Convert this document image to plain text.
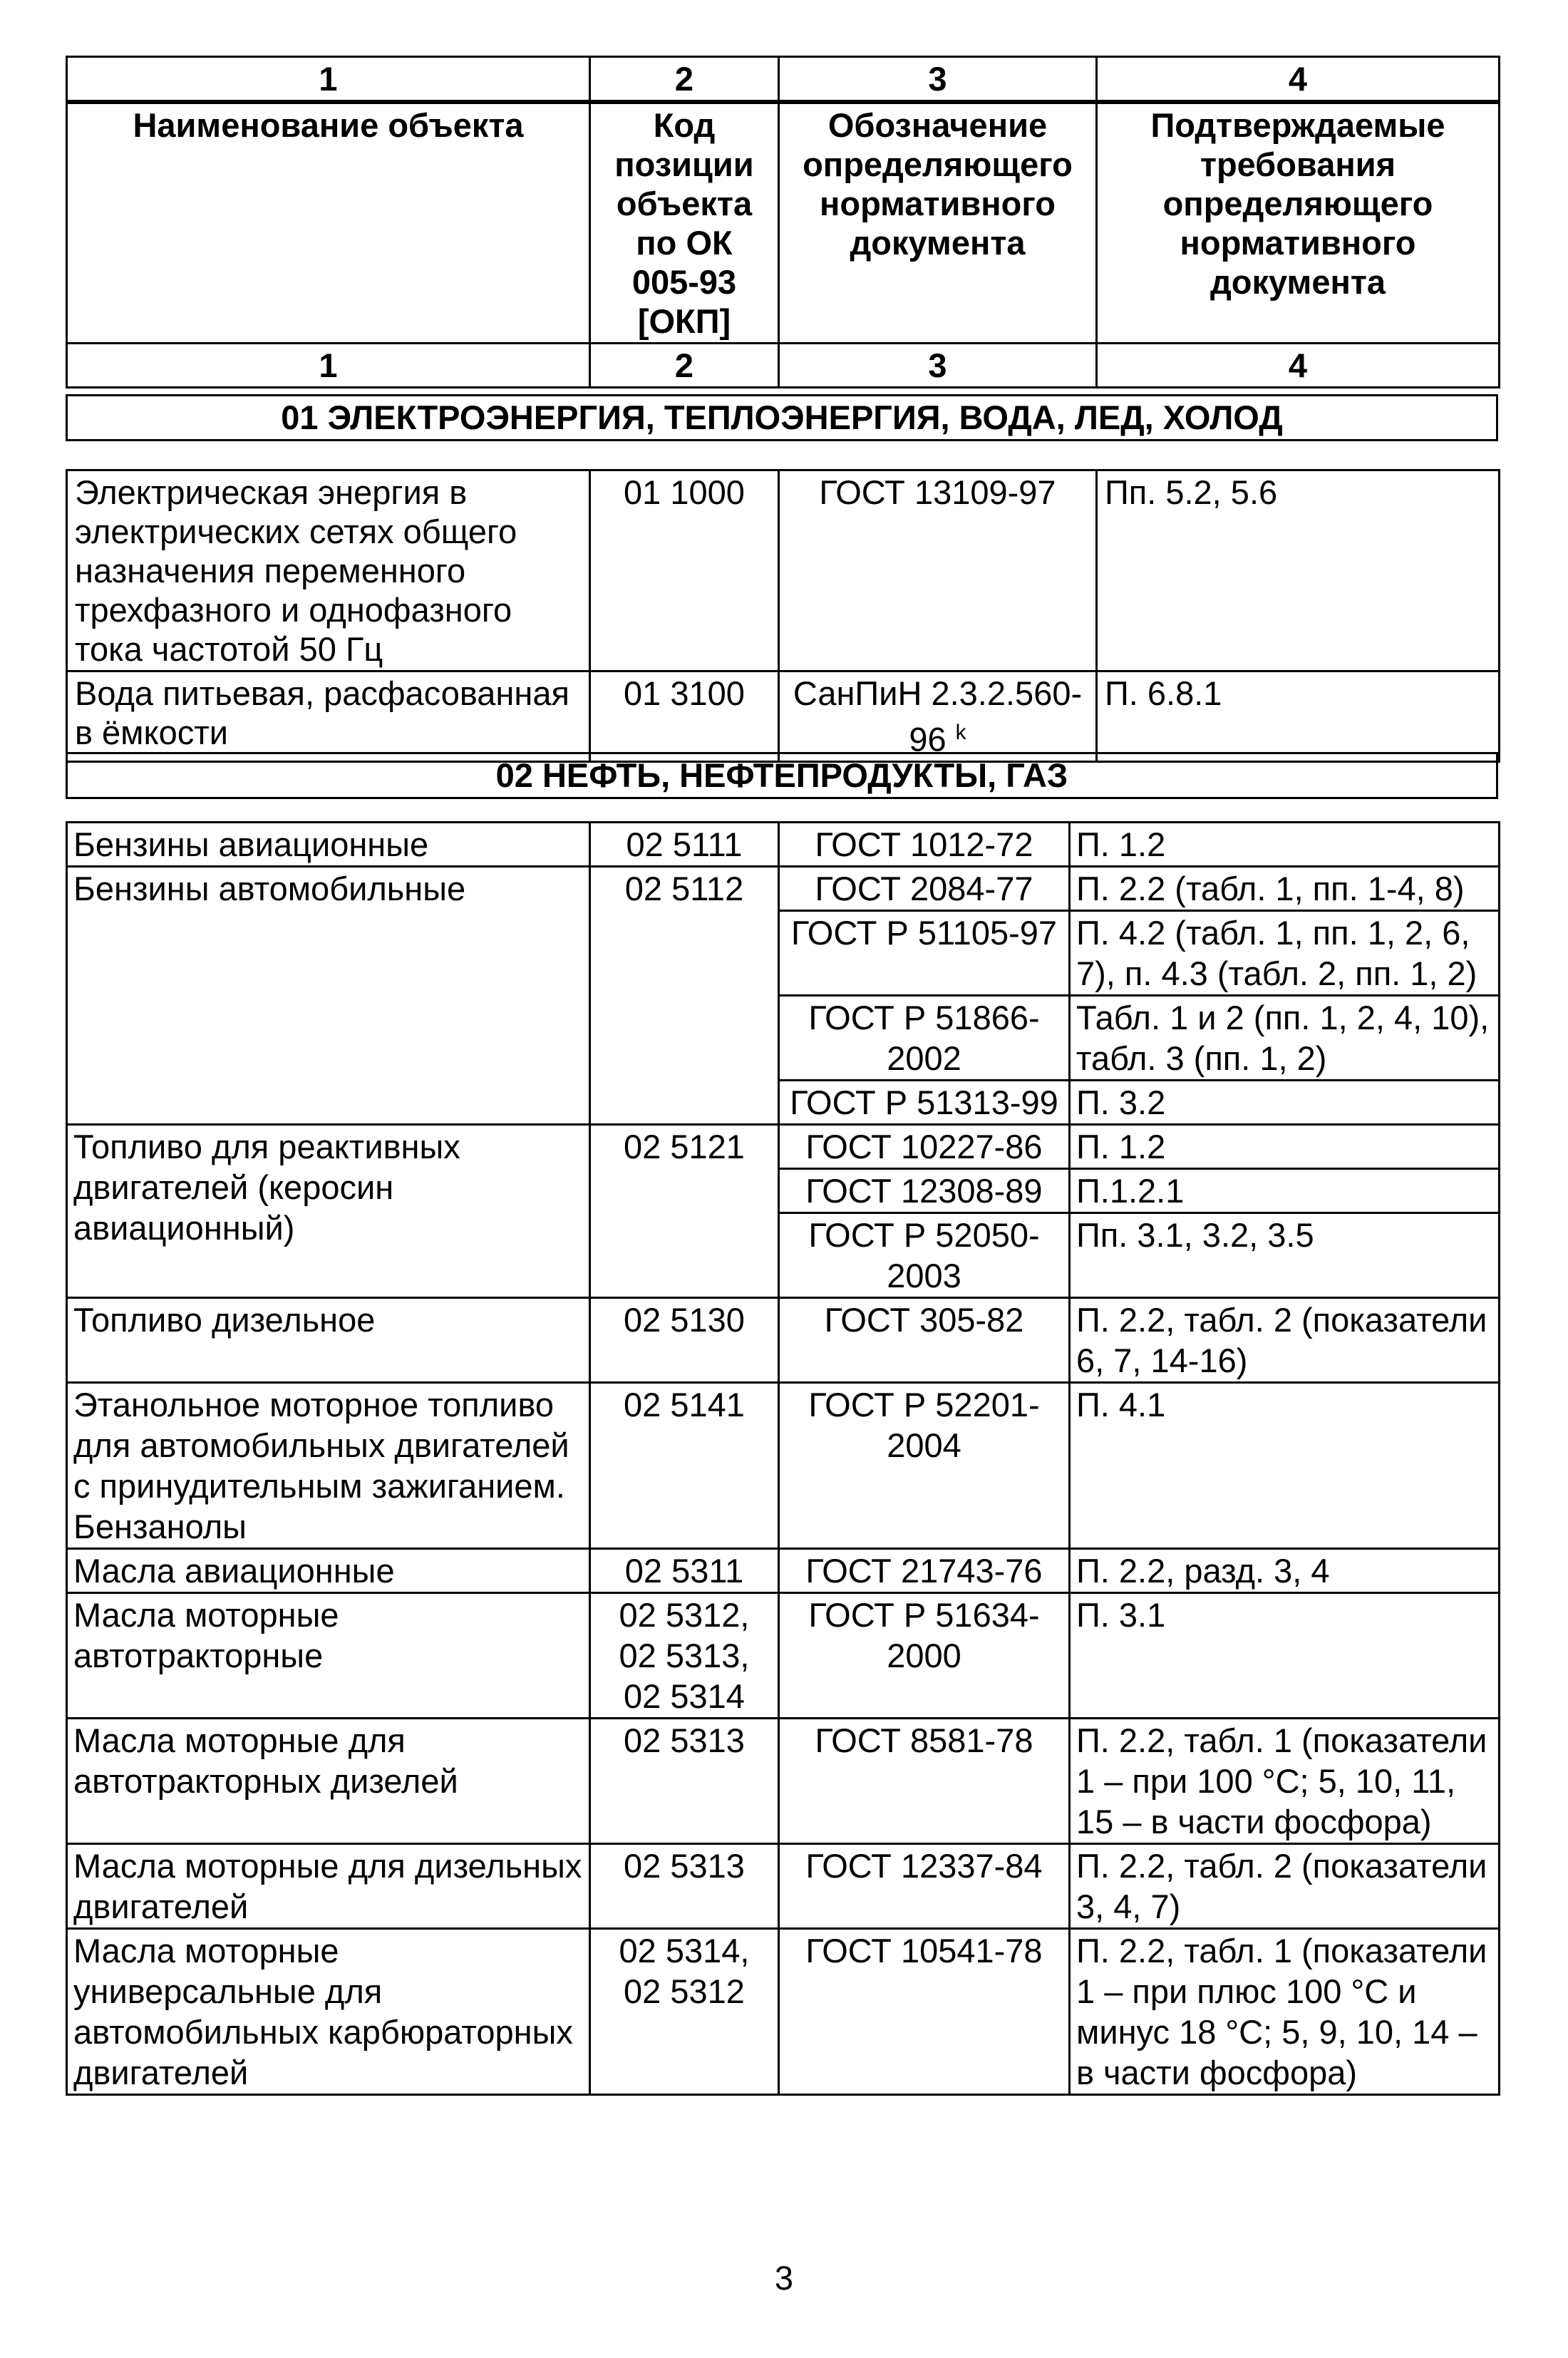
1	2	3	4
Наименование объекта	Код позиции объекта по ОК 005-93 [ОКП]	Обозначение определяющего нормативного документа	Подтверждаемые требования определяющего нормативного документа
1	2	3	4
01 ЭЛЕКТРОЭНЕРГИЯ, ТЕПЛОЭНЕРГИЯ, ВОДА, ЛЕД, ХОЛОД
Электрическая энергия в электрических сетях общего назначения переменного трехфазного и однофазного тока частотой 50 Гц	01 1000	ГОСТ 13109-97	Пп. 5.2, 5.6
Вода питьевая, расфасованная в ёмкости	01 3100	СанПиН 2.3.2.560-96 $^k$	П. 6.8.1
02 НЕФТЬ, НЕФТЕПРОДУКТЫ, ГАЗ
Бензины авиационные	02 5111	ГОСТ 1012-72	П. 1.2
Бензины автомобильные	02 5112	ГОСТ 2084-77	П. 2.2 (табл. 1, пп. 1-4, 8)
		ГОСТ Р 51105-97	П. 4.2 (табл. 1, пп. 1, 2, 6, 7), п. 4.3 (табл. 2, пп. 1, 2)
		ГОСТ Р 51866-2002	Табл. 1 и 2 (пп. 1, 2, 4, 10), табл. 3 (пп. 1, 2)
		ГОСТ Р 51313-99	П. 3.2
Топливо для реактивных двигателей (керосин авиационный)	02 5121	ГОСТ 10227-86	П. 1.2
		ГОСТ 12308-89	П.1.2.1
		ГОСТ Р 52050-2003	Пп. 3.1, 3.2, 3.5
Топливо дизельное	02 5130	ГОСТ 305-82	П. 2.2, табл. 2 (показатели 6, 7, 14-16)
Этанольное моторное топливо для автомобильных двигателей с принудительным зажиганием. Бензанолы	02 5141	ГОСТ Р 52201-2004	П. 4.1
Масла авиационные	02 5311	ГОСТ 21743-76	П. 2.2, разд. 3, 4
Масла моторные автотракторные	02 5312, 02 5313, 02 5314	ГОСТ Р 51634-2000	П. 3.1
Масла моторные для автотракторных дизелей	02 5313	ГОСТ 8581-78	П. 2.2, табл. 1 (показатели 1 – при 100 °С; 5, 10, 11, 15 – в части фосфора)
Масла моторные для дизельных двигателей	02 5313	ГОСТ 12337-84	П. 2.2, табл. 2 (показатели 3, 4, 7)
Масла моторные универсальные для автомобильных карбюраторных двигателей	02 5314, 02 5312	ГОСТ 10541-78	П. 2.2, табл. 1 (показатели 1 – при плюс 100 °С и минус 18 °С; 5, 9, 10, 14 – в части фосфора)
3
